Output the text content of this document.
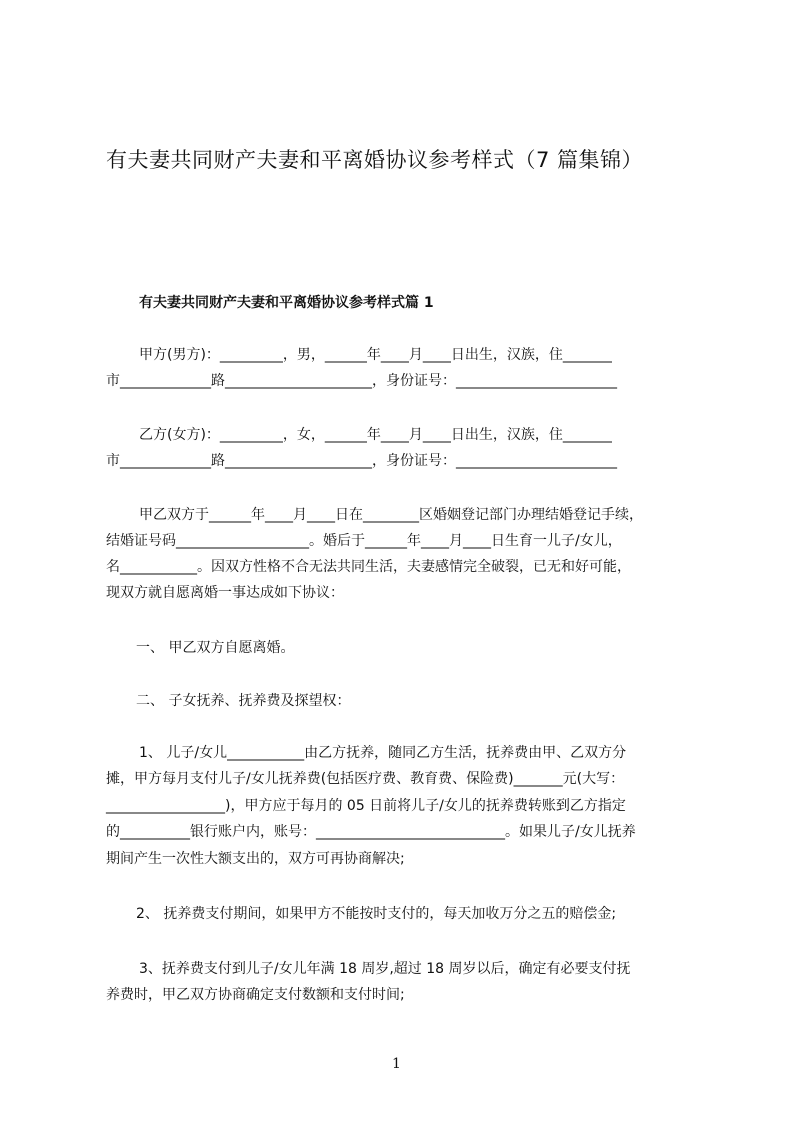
有夫妻共同财产夫妻和平离婚协议参考样式（7 篇集锦）
有夫妻共同财产夫妻和平离婚协议参考样式篇 1
甲方(男方)：_________，男，______年____月____日出生，汉族，住_______
市_____________路_____________________，身份证号：_______________________
乙方(女方)：_________，女，______年____月____日出生，汉族，住_______
市_____________路_____________________，身份证号：_______________________
甲乙双方于______年____月____日在________区婚姻登记部门办理结婚登记手续，
结婚证号码___________________。婚后于______年____月____日生育一儿子/女儿，
名___________。因双方性格不合无法共同生活，夫妻感情完全破裂，已无和好可能，
现双方就自愿离婚一事达成如下协议：
一、 甲乙双方自愿离婚。
二、 子女抚养、抚养费及探望权：
1、 儿子/女儿___________由乙方抚养，随同乙方生活，抚养费由甲、乙双方分
摊，甲方每月支付儿子/女儿抚养费(包括医疗费、教育费、保险费)_______元(大写：
_________________)，甲方应于每月的 05 日前将儿子/女儿的抚养费转账到乙方指定
的__________银行账户内，账号：___________________________。如果儿子/女儿抚养
期间产生一次性大额支出的，双方可再协商解决;
2、 抚养费支付期间，如果甲方不能按时支付的，每天加收万分之五的赔偿金;
3、抚养费支付到儿子/女儿年满 18 周岁,超过 18 周岁以后，确定有必要支付抚
养费时，甲乙双方协商确定支付数额和支付时间;
1
